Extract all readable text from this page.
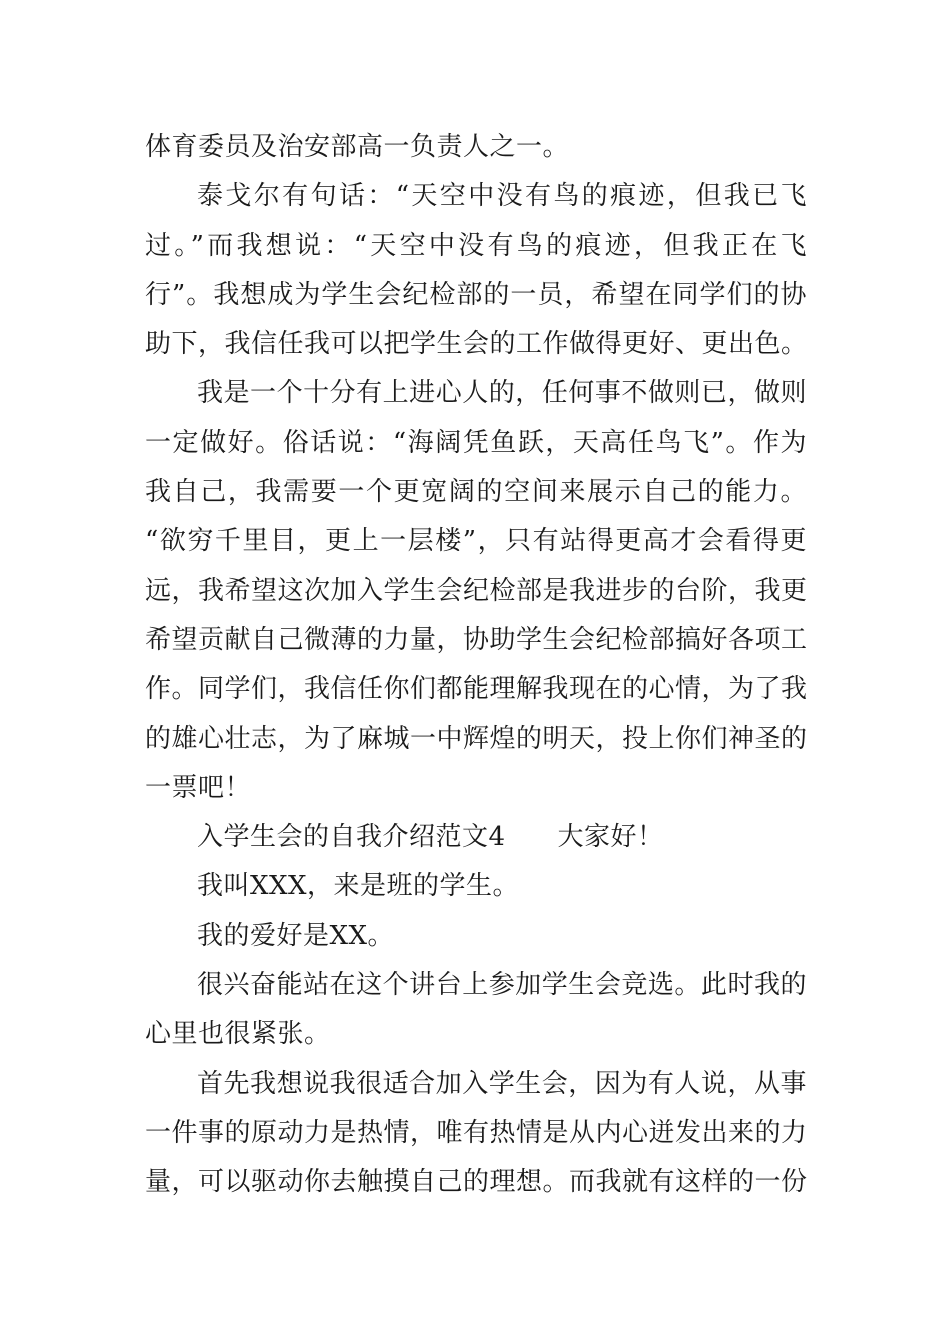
体育委员及治安部高一负责人之一。
泰戈尔有句话：“天空中没有鸟的痕迹，但我已飞
过。”而我想说：“天空中没有鸟的痕迹，但我正在飞
行”。我想成为学生会纪检部的一员，希望在同学们的协
助下，我信任我可以把学生会的工作做得更好、更出色。
我是一个十分有上进心人的，任何事不做则已，做则
一定做好。俗话说：“海阔凭鱼跃，天高任鸟飞”。作为
我自己，我需要一个更宽阔的空间来展示自己的能力。
“欲穷千里目，更上一层楼”，只有站得更高才会看得更
远，我希望这次加入学生会纪检部是我进步的台阶，我更
希望贡献自己微薄的力量，协助学生会纪检部搞好各项工
作。同学们，我信任你们都能理解我现在的心情，为了我
的雄心壮志，为了麻城一中辉煌的明天，投上你们神圣的
一票吧！
入学生会的自我介绍范文4 大家好！
我叫XXX，来是班的学生。
我的爱好是XX。
很兴奋能站在这个讲台上参加学生会竞选。此时我的
心里也很紧张。
首先我想说我很适合加入学生会，因为有人说，从事
一件事的原动力是热情，唯有热情是从内心迸发出来的力
量，可以驱动你去触摸自己的理想。而我就有这样的一份
